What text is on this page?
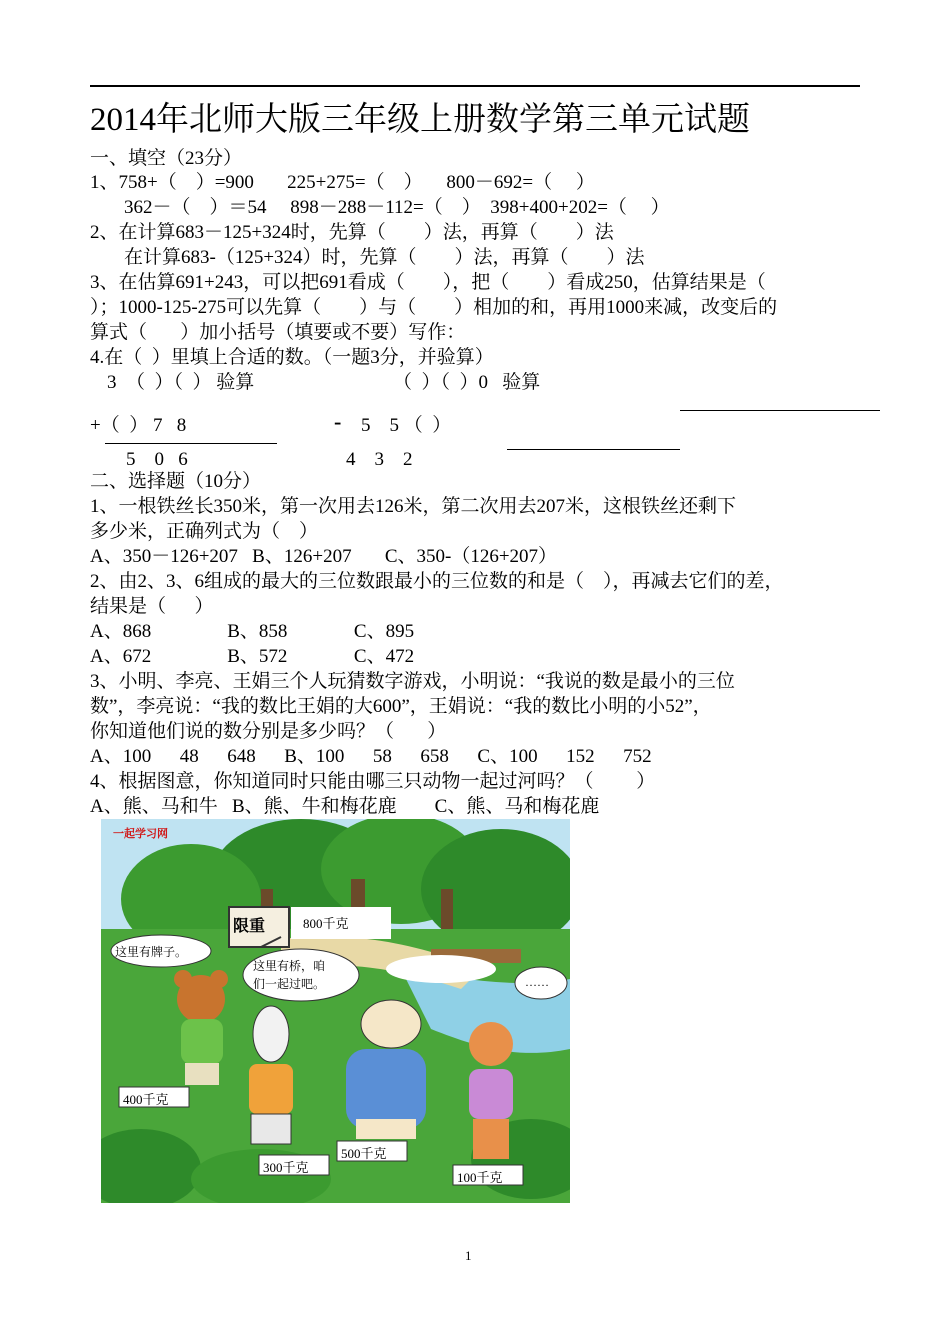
2014年北师大版三年级上册数学第三单元试题
一、填空（23分）
1、758+（    ）=900       225+275=（    ）     800－692=（     ）
362－（    ）＝54     898－288－112=（    ）  398+400+202=（     ）
2、在计算683－125+324时，先算（        ）法，再算（        ）法
在计算683-（125+324）时，先算（        ）法，再算（        ）法
3、在估算691+243，可以把691看成（        ），把（        ）看成250，估算结果是（
）；1000-125-275可以先算（        ）与（        ）相加的和，再用1000来减，改变后的
算式（       ）加小括号（填要或不要）写作：
4.在（  ）里填上合适的数。（一题3分，并验算）
3  （  ）（  ） 验算	（  ）（  ）0   验算
+（  ） 7   8	- 5    5 （  ）
5    0   6	4    3    2
二、选择题（10分）
1、一根铁丝长350米，第一次用去126米，第二次用去207米，这根铁丝还剩下
多少米，正确列式为（    ）
A、350－126+207   B、126+207       C、350-（126+207）
2、由2、3、6组成的最大的三位数跟最小的三位数的和是（    ），再减去它们的差，
结果是（      ）
A、868                B、858              C、895
A、672                B、572              C、472
3、小明、李亮、王娟三个人玩猜数字游戏，小明说：“我说的数是最小的三位
数”，李亮说：“我的数比王娟的大600”，王娟说：“我的数比小明的小52”，
你知道他们说的数分别是多少吗？（       ）
A、100      48      648      B、100      58      658      C、100      152      752
4、根据图意，你知道同时只能由哪三只动物一起过河吗？（         ）
A、熊、马和牛   B、熊、牛和梅花鹿        C、熊、马和梅花鹿
一起学习网
限重	800千克
这里有牌子。
这里有桥，咱
们一起过吧。	……
400千克
300千克
500千克
100千克
1
